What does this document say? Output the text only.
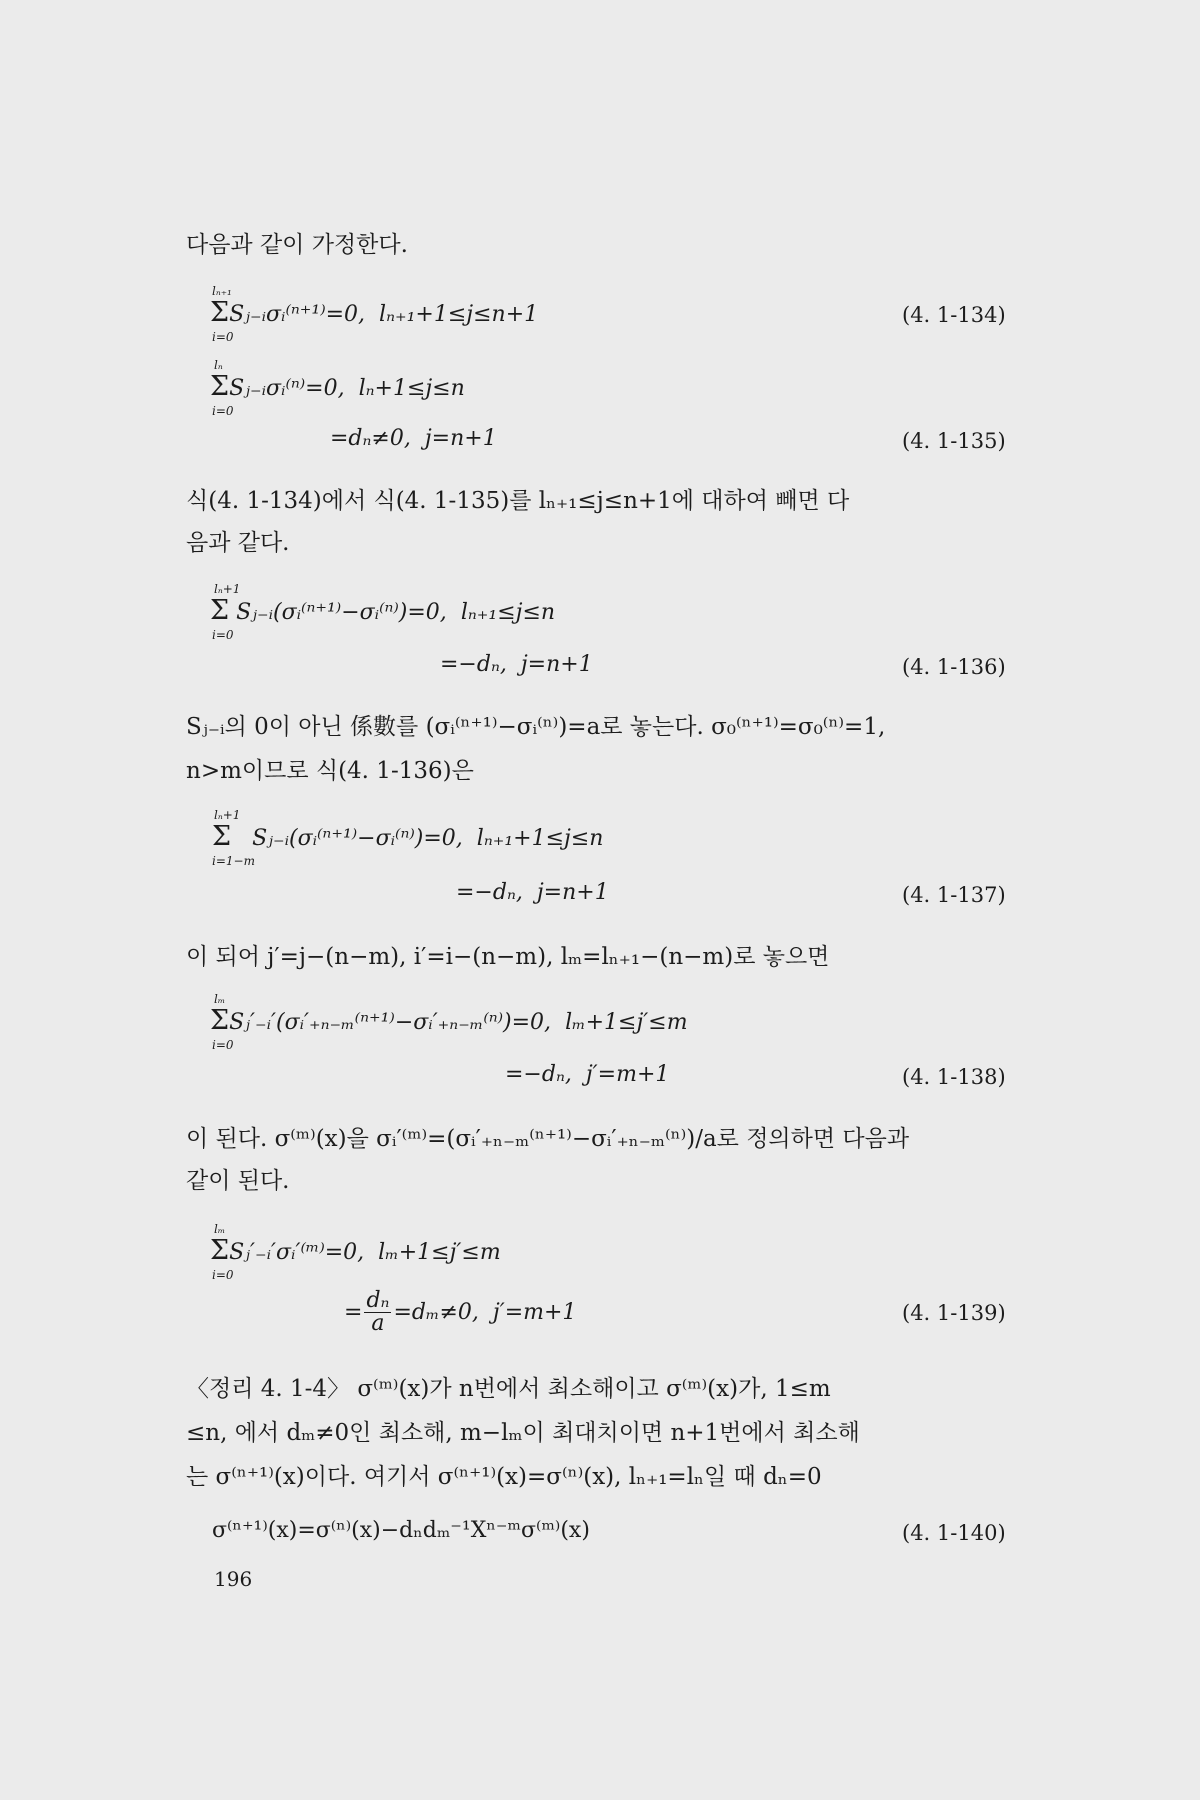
다음과 같이 가정한다.
lₙ₊₁
ΣSⱼ₋ᵢσᵢ⁽ⁿ⁺¹⁾=0, lₙ₊₁+1≤j≤n+1
i=0
(4. 1-134)
lₙ
ΣSⱼ₋ᵢσᵢ⁽ⁿ⁾=0, lₙ+1≤j≤n
i=0
=dₙ≠0, j=n+1	(4. 1-135)
식(4. 1-134)에서 식(4. 1-135)를 lₙ₊₁≤j≤n+1에 대하여 빼면 다
음과 같다.
lₙ+1
Σ Sⱼ₋ᵢ(σᵢ⁽ⁿ⁺¹⁾−σᵢ⁽ⁿ⁾)=0, lₙ₊₁≤j≤n
i=0
=−dₙ, j=n+1	(4. 1-136)
Sⱼ₋ᵢ의 0이 아닌 係數를 (σᵢ⁽ⁿ⁺¹⁾−σᵢ⁽ⁿ⁾)=a로 놓는다. σ₀⁽ⁿ⁺¹⁾=σ₀⁽ⁿ⁾=1,
n>m이므로 식(4. 1-136)은
lₙ+1
Σ Sⱼ₋ᵢ(σᵢ⁽ⁿ⁺¹⁾−σᵢ⁽ⁿ⁾)=0, lₙ₊₁+1≤j≤n
i=1−m
=−dₙ, j=n+1	(4. 1-137)
이 되어 j′=j−(n−m), i′=i−(n−m), lₘ=lₙ₊₁−(n−m)로 놓으면
lₘ
ΣSⱼ′₋ᵢ′(σᵢ′₊ₙ₋ₘ⁽ⁿ⁺¹⁾−σᵢ′₊ₙ₋ₘ⁽ⁿ⁾)=0, lₘ+1≤j′≤m
i=0
=−dₙ, j′=m+1	(4. 1-138)
이 된다. σ⁽ᵐ⁾(x)을 σᵢ′⁽ᵐ⁾=(σᵢ′₊ₙ₋ₘ⁽ⁿ⁺¹⁾−σᵢ′₊ₙ₋ₘ⁽ⁿ⁾)/a로 정의하면 다음과
같이 된다.
lₘ
ΣSⱼ′₋ᵢ′σᵢ′⁽ᵐ⁾=0, lₘ+1≤j′≤m
i=0
= $\frac{\text{dₙ}}{a} =d_m\ne 0$, j′=m+1	(4. 1-139)
〈정리 4. 1-4〉 σ⁽ᵐ⁾(x)가 n번에서 최소해이고 σ⁽ᵐ⁾(x)가, 1≤m
≤n, 에서 dₘ≠0인 최소해, m−lₘ이 최대치이면 n+1번에서 최소해
는 σ⁽ⁿ⁺¹⁾(x)이다. 여기서 σ⁽ⁿ⁺¹⁾(x)=σ⁽ⁿ⁾(x), lₙ₊₁=lₙ일 때 dₙ=0
σ⁽ⁿ⁺¹⁾(x)=σ⁽ⁿ⁾(x)−dₙdₘ⁻¹Xⁿ⁻ᵐσ⁽ᵐ⁾(x)	(4. 1-140)
196
